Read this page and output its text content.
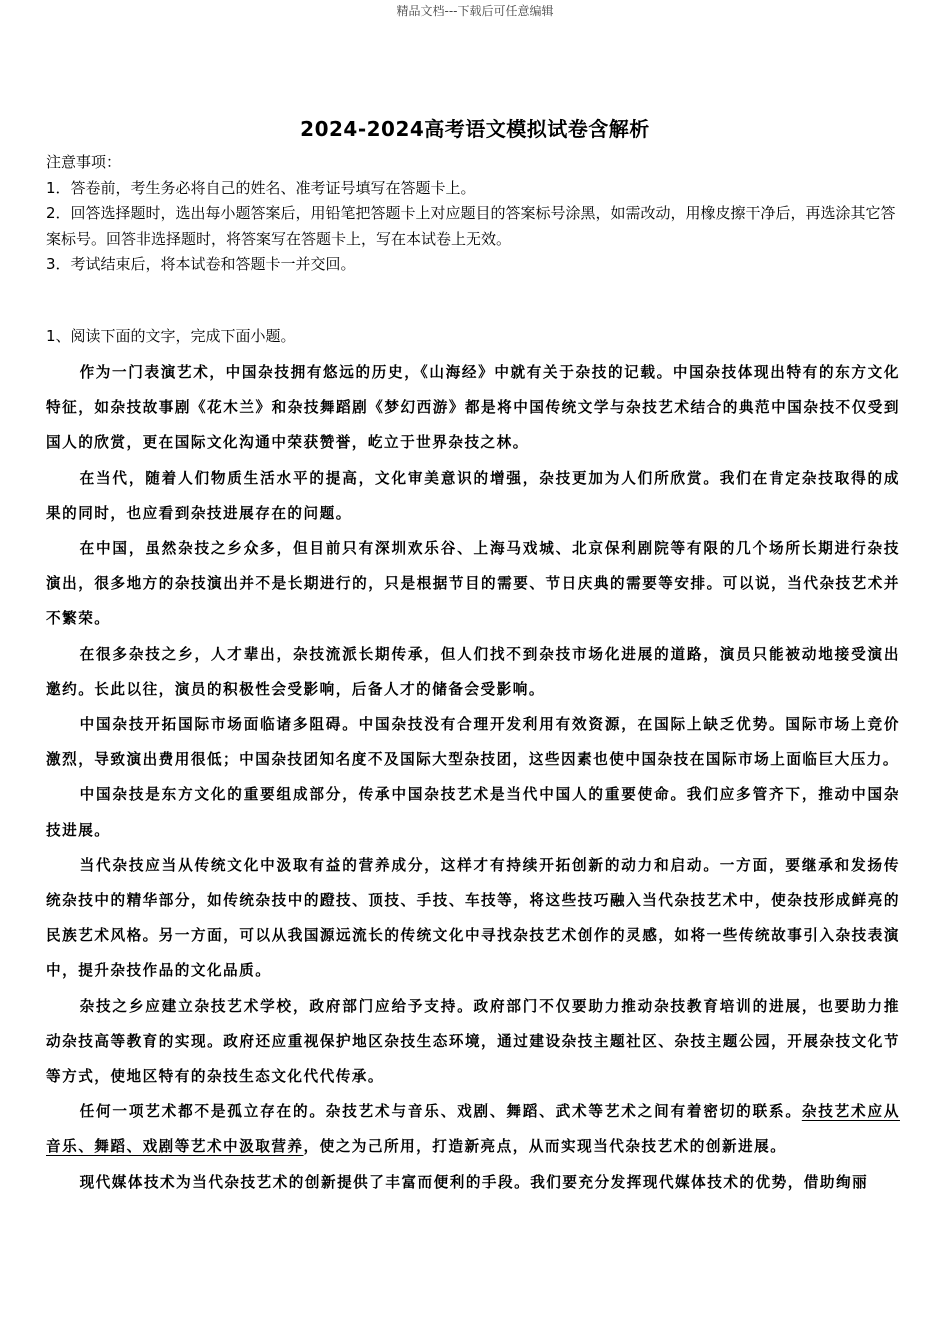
精品文档---下载后可任意编辑
2024-2024高考语文模拟试卷含解析

注意事项：

1．答卷前，考生务必将自己的姓名、准考证号填写在答题卡上。

2．回答选择题时，选出每小题答案后，用铅笔把答题卡上对应题目的答案标号涂黑，如需改动，用橡皮擦干净后，再选涂其它答案标号。回答非选择题时，将答案写在答题卡上，写在本试卷上无效。

3．考试结束后，将本试卷和答题卡一并交回。

1、阅读下面的文字，完成下面小题。

作为一门表演艺术，中国杂技拥有悠远的历史，《山海经》中就有关于杂技的记载。中国杂技体现出特有的东方文化特征，如杂技故事剧《花木兰》和杂技舞蹈剧《梦幻西游》都是将中国传统文学与杂技艺术结合的典范中国杂技不仅受到国人的欣赏，更在国际文化沟通中荣获赞誉，屹立于世界杂技之林。

在当代，随着人们物质生活水平的提高，文化审美意识的增强，杂技更加为人们所欣赏。我们在肯定杂技取得的成果的同时，也应看到杂技进展存在的问题。

在中国，虽然杂技之乡众多，但目前只有深圳欢乐谷、上海马戏城、北京保利剧院等有限的几个场所长期进行杂技演出，很多地方的杂技演出并不是长期进行的，只是根据节目的需要、节日庆典的需要等安排。可以说，当代杂技艺术并不繁荣。

在很多杂技之乡，人才辈出，杂技流派长期传承，但人们找不到杂技市场化进展的道路，演员只能被动地接受演出邀约。长此以往，演员的积极性会受影响，后备人才的储备会受影响。

中国杂技开拓国际市场面临诸多阻碍。中国杂技没有合理开发利用有效资源，在国际上缺乏优势。国际市场上竞价激烈，导致演出费用很低；中国杂技团知名度不及国际大型杂技团，这些因素也使中国杂技在国际市场上面临巨大压力。

中国杂技是东方文化的重要组成部分，传承中国杂技艺术是当代中国人的重要使命。我们应多管齐下，推动中国杂技进展。

当代杂技应当从传统文化中汲取有益的营养成分，这样才有持续开拓创新的动力和启动。一方面，要继承和发扬传统杂技中的精华部分，如传统杂技中的蹬技、顶技、手技、车技等，将这些技巧融入当代杂技艺术中，使杂技形成鲜亮的民族艺术风格。另一方面，可以从我国源远流长的传统文化中寻找杂技艺术创作的灵感，如将一些传统故事引入杂技表演中，提升杂技作品的文化品质。

杂技之乡应建立杂技艺术学校，政府部门应给予支持。政府部门不仅要助力推动杂技教育培训的进展，也要助力推动杂技高等教育的实现。政府还应重视保护地区杂技生态环境，通过建设杂技主题社区、杂技主题公园，开展杂技文化节等方式，使地区特有的杂技生态文化代代传承。

任何一项艺术都不是孤立存在的。杂技艺术与音乐、戏剧、舞蹈、武术等艺术之间有着密切的联系。杂技艺术应从音乐、舞蹈、戏剧等艺术中汲取营养，使之为己所用，打造新亮点，从而实现当代杂技艺术的创新进展。

现代媒体技术为当代杂技艺术的创新提供了丰富而便利的手段。我们要充分发挥现代媒体技术的优势，借助绚丽
